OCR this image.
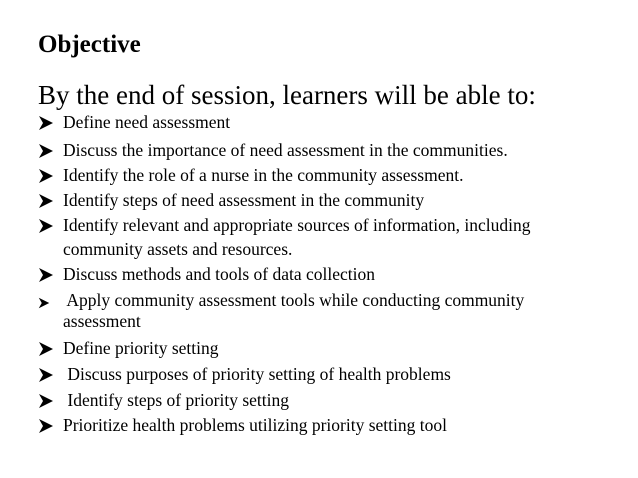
Objective
By the end of session, learners will be able to:
Define need assessment
Discuss the importance of need assessment in the communities.
Identify the role of a nurse in the community assessment.
Identify steps of need assessment in the community
Identify relevant and appropriate sources of information, including
community assets and resources.
Discuss methods and tools of data collection
Apply community assessment tools while conducting community
assessment
Define priority setting
Discuss purposes of priority setting of health problems
Identify steps of priority setting
Prioritize health problems utilizing priority setting tool
